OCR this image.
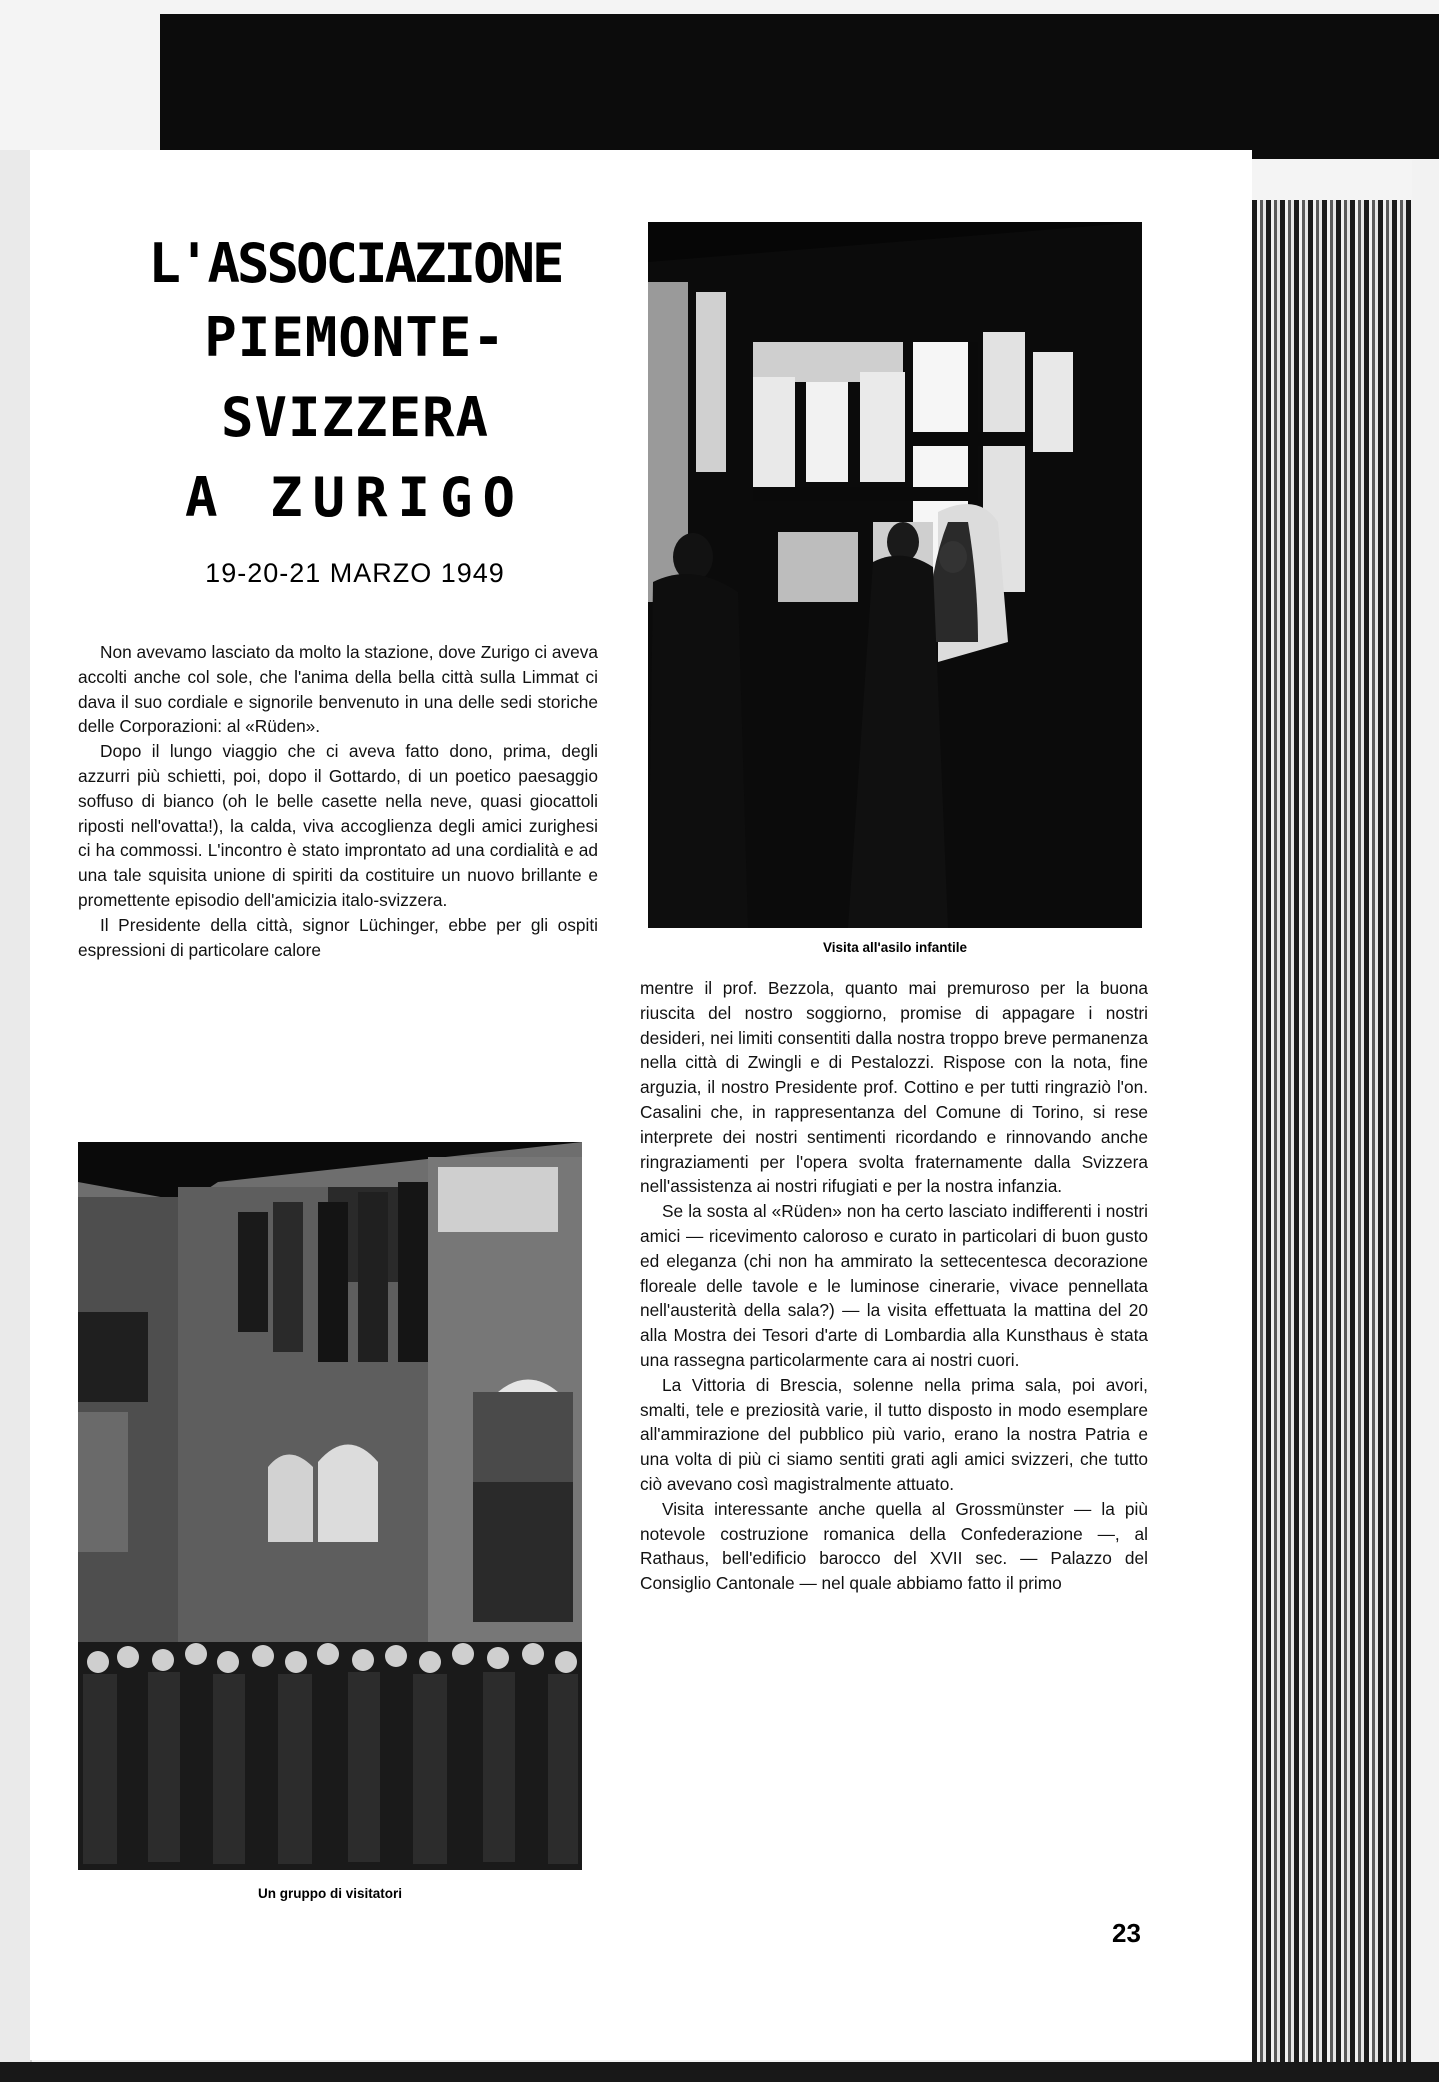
L'ASSOCIAZIONE
PIEMONTE-SVIZZERA
A ZURIGO
19-20-21 MARZO 1949

Non avevamo lasciato da molto la stazione, dove Zurigo ci aveva accolti anche col sole, che l'anima della bella città sulla Limmat ci dava il suo cordiale e signorile benvenuto in una delle sedi storiche delle Corporazioni: al «Rüden».

Dopo il lungo viaggio che ci aveva fatto dono, prima, degli azzurri più schietti, poi, dopo il Gottardo, di un poetico paesaggio soffuso di bianco (oh le belle casette nella neve, quasi giocattoli riposti nell'ovatta!), la calda, viva accoglienza degli amici zurighesi ci ha commossi. L'incontro è stato improntato ad una cordialità e ad una tale squisita unione di spiriti da costituire un nuovo brillante e promettente episodio dell'amicizia italo-svizzera.

Il Presidente della città, signor Lüchinger, ebbe per gli ospiti espressioni di particolare calore	Visita all'asilo infantile
Un gruppo di visitatori

mentre il prof. Bezzola, quanto mai premuroso per la buona riuscita del nostro soggiorno, promise di appagare i nostri desideri, nei limiti consentiti dalla nostra troppo breve permanenza nella città di Zwingli e di Pestalozzi. Rispose con la nota, fine arguzia, il nostro Presidente prof. Cottino e per tutti ringraziò l'on. Casalini che, in rappresentanza del Comune di Torino, si rese interprete dei nostri sentimenti ricordando e rinnovando anche ringraziamenti per l'opera svolta fraternamente dalla Svizzera nell'assistenza ai nostri rifugiati e per la nostra infanzia.

Se la sosta al «Rüden» non ha certo lasciato indifferenti i nostri amici — ricevimento caloroso e curato in particolari di buon gusto ed eleganza (chi non ha ammirato la settecentesca decorazione floreale delle tavole e le luminose cinerarie, vivace pennellata nell'austerità della sala?) — la visita effettuata la mattina del 20 alla Mostra dei Tesori d'arte di Lombardia alla Kunsthaus è stata una rassegna particolarmente cara ai nostri cuori.

La Vittoria di Brescia, solenne nella prima sala, poi avori, smalti, tele e preziosità varie, il tutto disposto in modo esemplare all'ammirazione del pubblico più vario, erano la nostra Patria e una volta di più ci siamo sentiti grati agli amici svizzeri, che tutto ciò avevano così magistralmente attuato.

Visita interessante anche quella al Grossmünster — la più notevole costruzione romanica della Confederazione —, al Rathaus, bell'edificio barocco del XVII sec. — Palazzo del Consiglio Cantonale — nel quale abbiamo fatto il primo

23
